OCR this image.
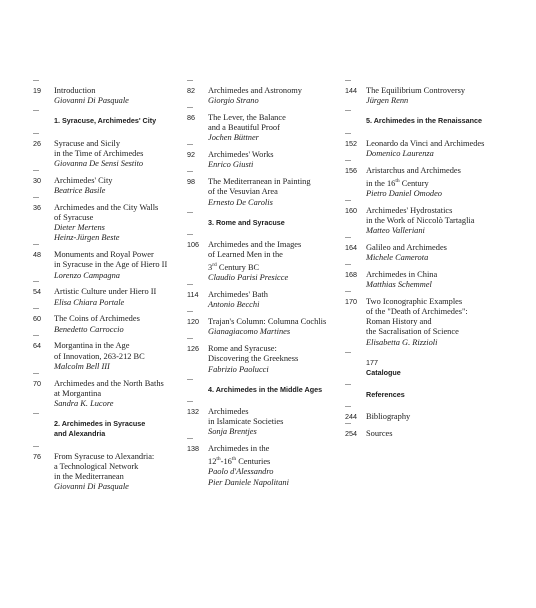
—
19 Introduction
Giovanni Di Pasquale
—
1. Syracuse, Archimedes' City
—
26 Syracuse and Sicily
in the Time of Archimedes
Giovanna De Sensi Sestito
—
30 Archimedes' City
Beatrice Basile
—
36 Archimedes and the City Walls
of Syracuse
Dieter Mertens
Heinz-Jürgen Beste
—
48 Monuments and Royal Power
in Syracuse in the Age of Hiero II
Lorenzo Campagna
—
54 Artistic Culture under Hiero II
Elisa Chiara Portale
—
60 The Coins of Archimedes
Benedetto Carroccio
—
64 Morgantina in the Age
of Innovation, 263-212 BC
Malcolm Bell III
—
70 Archimedes and the North Baths
at Morgantina
Sandra K. Lucore
—
2. Archimedes in Syracuse
and Alexandria
—
76 From Syracuse to Alexandria:
a Technological Network
in the Mediterranean
Giovanni Di Pasquale
—
82 Archimedes and Astronomy
Giorgio Strano
—
86 The Lever, the Balance
and a Beautiful Proof
Jochen Büttner
—
92 Archimedes' Works
Enrico Giusti
—
98 The Mediterranean in Painting
of the Vesuvian Area
Ernesto De Carolis
—
3. Rome and Syracuse
—
106 Archimedes and the Images
of Learned Men in the
3rd Century BC
Claudio Parisi Presicce
—
114 Archimedes' Bath
Antonio Becchi
—
120 Trajan's Column: Columna Cochlis
Gianagiacomo Martines
—
126 Rome and Syracuse:
Discovering the Greekness
Fabrizio Paolucci
—
4. Archimedes in the Middle Ages
—
132 Archimedes
in Islamicate Societies
Sonja Brentjes
—
138 Archimedes in the
12th-16th Centuries
Paolo d'Alessandro
Pier Daniele Napolitani
—
144 The Equilibrium Controversy
Jürgen Renn
—
5. Archimedes in the Renaissance
—
152 Leonardo da Vinci and Archimedes
Domenico Laurenza
—
156 Aristarchus and Archimedes
in the 16th Century
Pietro Daniel Omodeo
—
160 Archimedes' Hydrostatics
in the Work of Niccolò Tartaglia
Matteo Valleriani
—
164 Galileo and Archimedes
Michele Camerota
—
168 Archimedes in China
Matthias Schemmel
—
170 Two Iconographic Examples
of the "Death of Archimedes":
Roman History and
the Sacralisation of Science
Elisabetta G. Rizzioli
—
177
Catalogue
—
References
—
244 Bibliography
—
254 Sources
